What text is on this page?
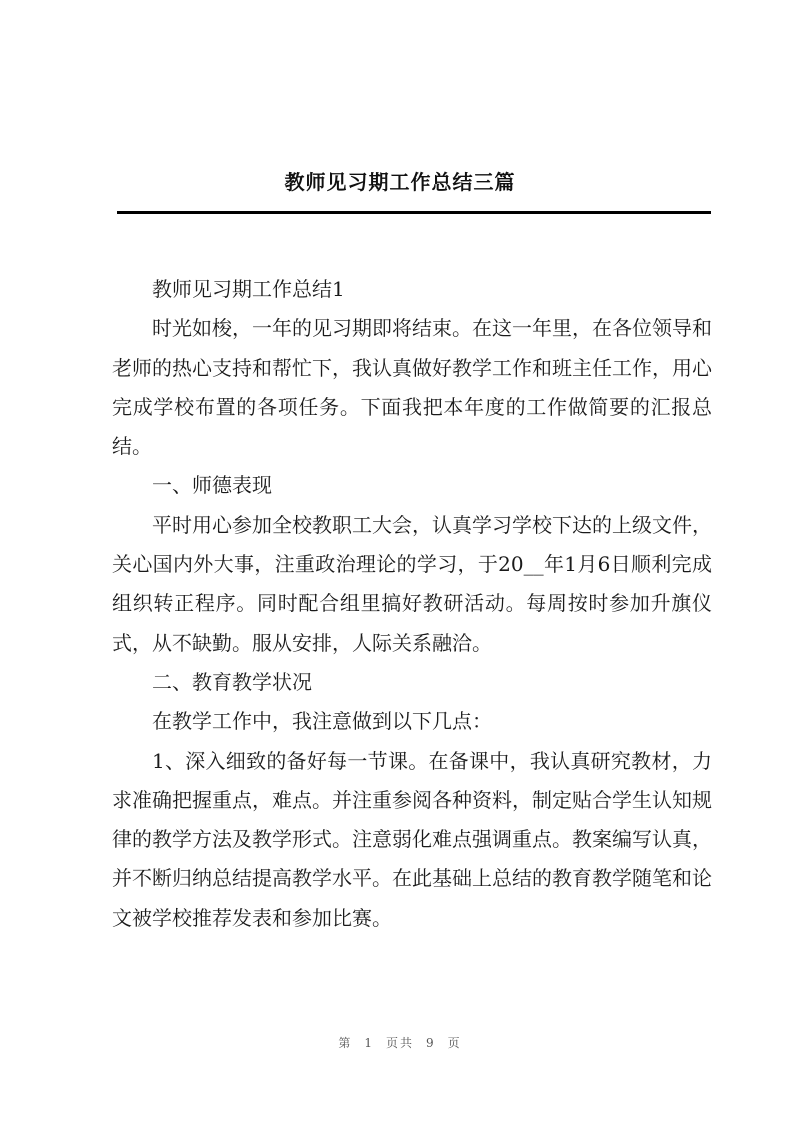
教师见习期工作总结三篇

教师见习期工作总结1

时光如梭，一年的见习期即将结束。在这一年里，在各位领导和老师的热心支持和帮忙下，我认真做好教学工作和班主任工作，用心完成学校布置的各项任务。下面我把本年度的工作做简要的汇报总结。

一、师德表现

平时用心参加全校教职工大会，认真学习学校下达的上级文件，关心国内外大事，注重政治理论的学习，于20__年1月6日顺利完成组织转正程序。同时配合组里搞好教研活动。每周按时参加升旗仪式，从不缺勤。服从安排，人际关系融洽。

二、教育教学状况

在教学工作中，我注意做到以下几点：

1、深入细致的备好每一节课。在备课中，我认真研究教材，力求准确把握重点，难点。并注重参阅各种资料，制定贴合学生认知规律的教学方法及教学形式。注意弱化难点强调重点。教案编写认真，并不断归纳总结提高教学水平。在此基础上总结的教育教学随笔和论文被学校推荐发表和参加比赛。

第 1 页共 9 页
